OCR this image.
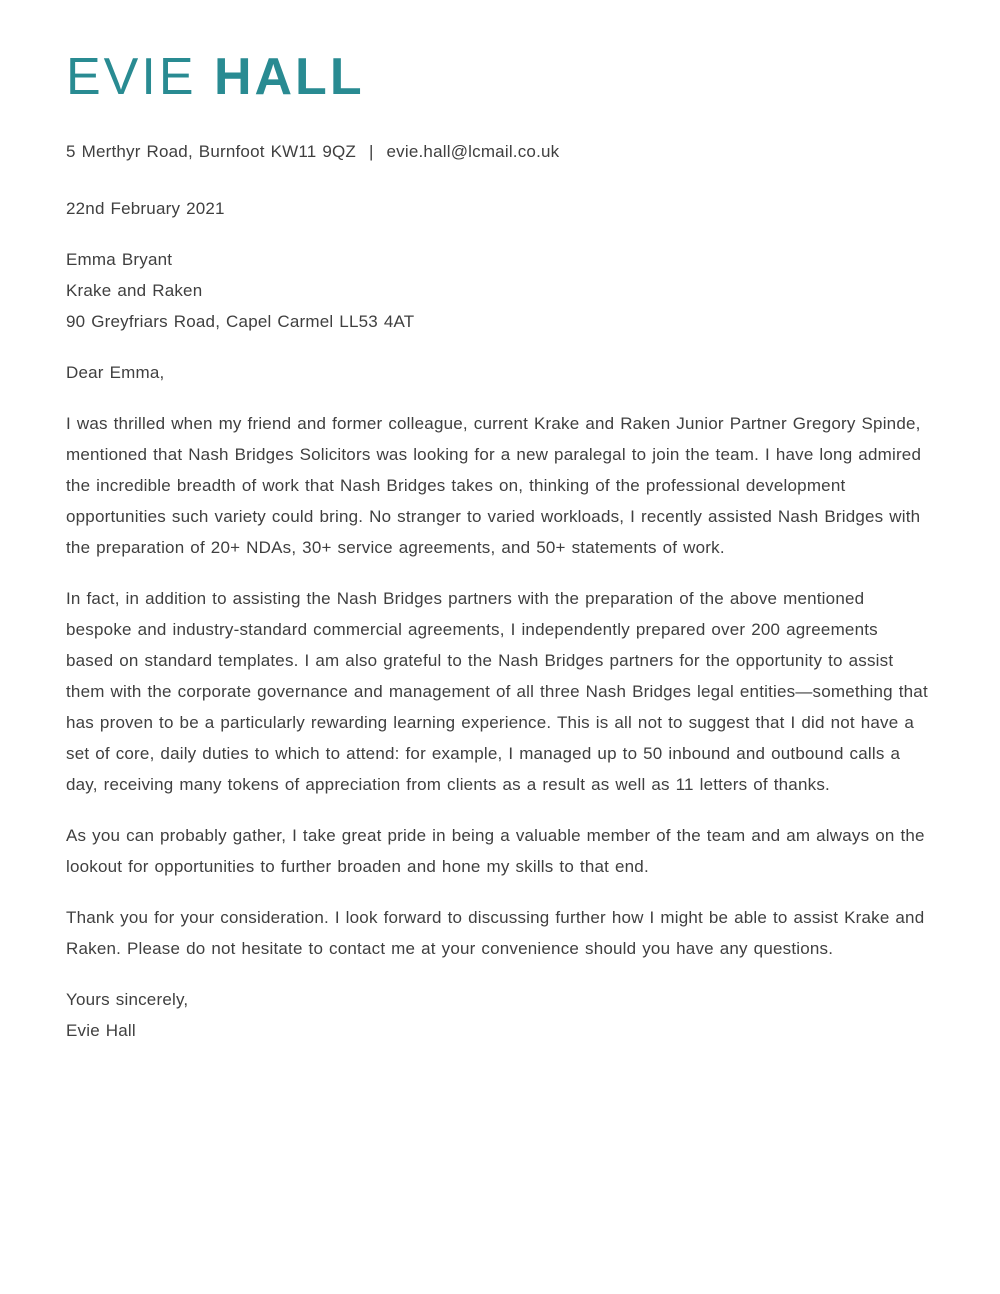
EVIE HALL
5 Merthyr Road, Burnfoot KW11 9QZ | evie.hall@lcmail.co.uk
22nd February 2021
Emma Bryant
Krake and Raken
90 Greyfriars Road, Capel Carmel LL53 4AT
Dear Emma,
I was thrilled when my friend and former colleague, current Krake and Raken Junior Partner Gregory Spinde, mentioned that Nash Bridges Solicitors was looking for a new paralegal to join the team. I have long admired the incredible breadth of work that Nash Bridges takes on, thinking of the professional development opportunities such variety could bring. No stranger to varied workloads, I recently assisted Nash Bridges with the preparation of 20+ NDAs, 30+ service agreements, and 50+ statements of work.
In fact, in addition to assisting the Nash Bridges partners with the preparation of the above mentioned bespoke and industry-standard commercial agreements, I independently prepared over 200 agreements based on standard templates. I am also grateful to the Nash Bridges partners for the opportunity to assist them with the corporate governance and management of all three Nash Bridges legal entities—something that has proven to be a particularly rewarding learning experience. This is all not to suggest that I did not have a set of core, daily duties to which to attend: for example, I managed up to 50 inbound and outbound calls a day, receiving many tokens of appreciation from clients as a result as well as 11 letters of thanks.
As you can probably gather, I take great pride in being a valuable member of the team and am always on the lookout for opportunities to further broaden and hone my skills to that end.
Thank you for your consideration. I look forward to discussing further how I might be able to assist Krake and Raken. Please do not hesitate to contact me at your convenience should you have any questions.
Yours sincerely,
Evie Hall
